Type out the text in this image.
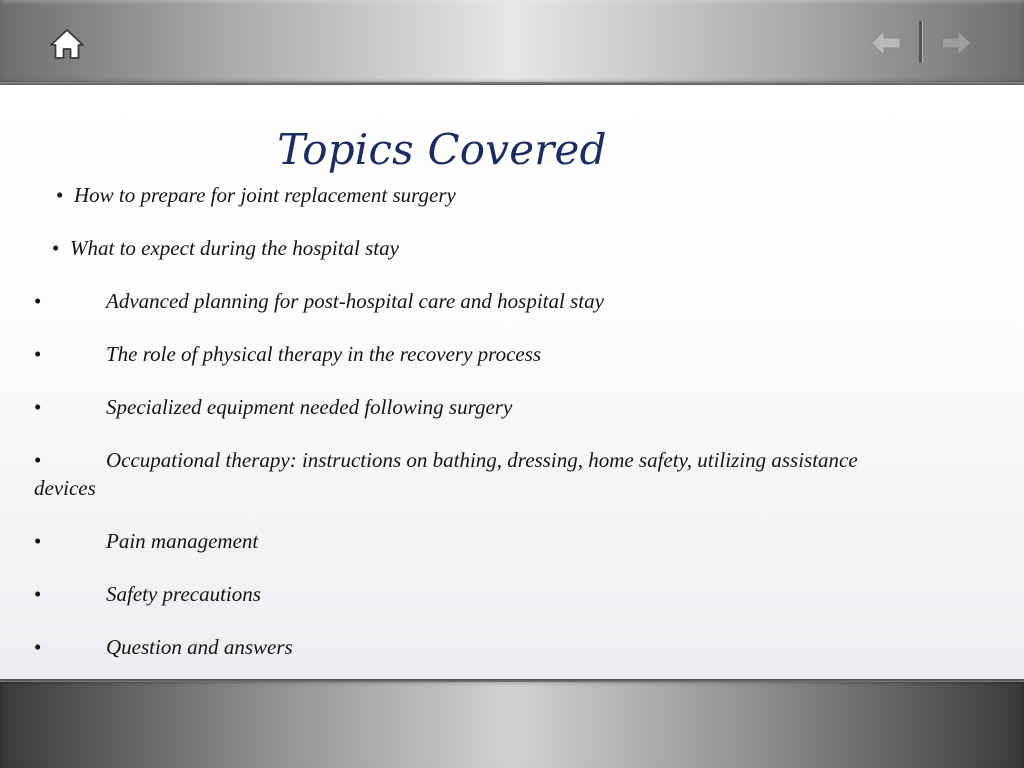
Topics Covered
• How to prepare for joint replacement surgery
• What to expect during the hospital stay
•	Advanced planning for post-hospital care and hospital stay
•	The role of physical therapy in the recovery process
•	Specialized equipment needed following surgery
•	Occupational therapy: instructions on bathing, dressing, home safety, utilizing assistance devices
•	Pain management
•	Safety precautions
•	Question and answers
